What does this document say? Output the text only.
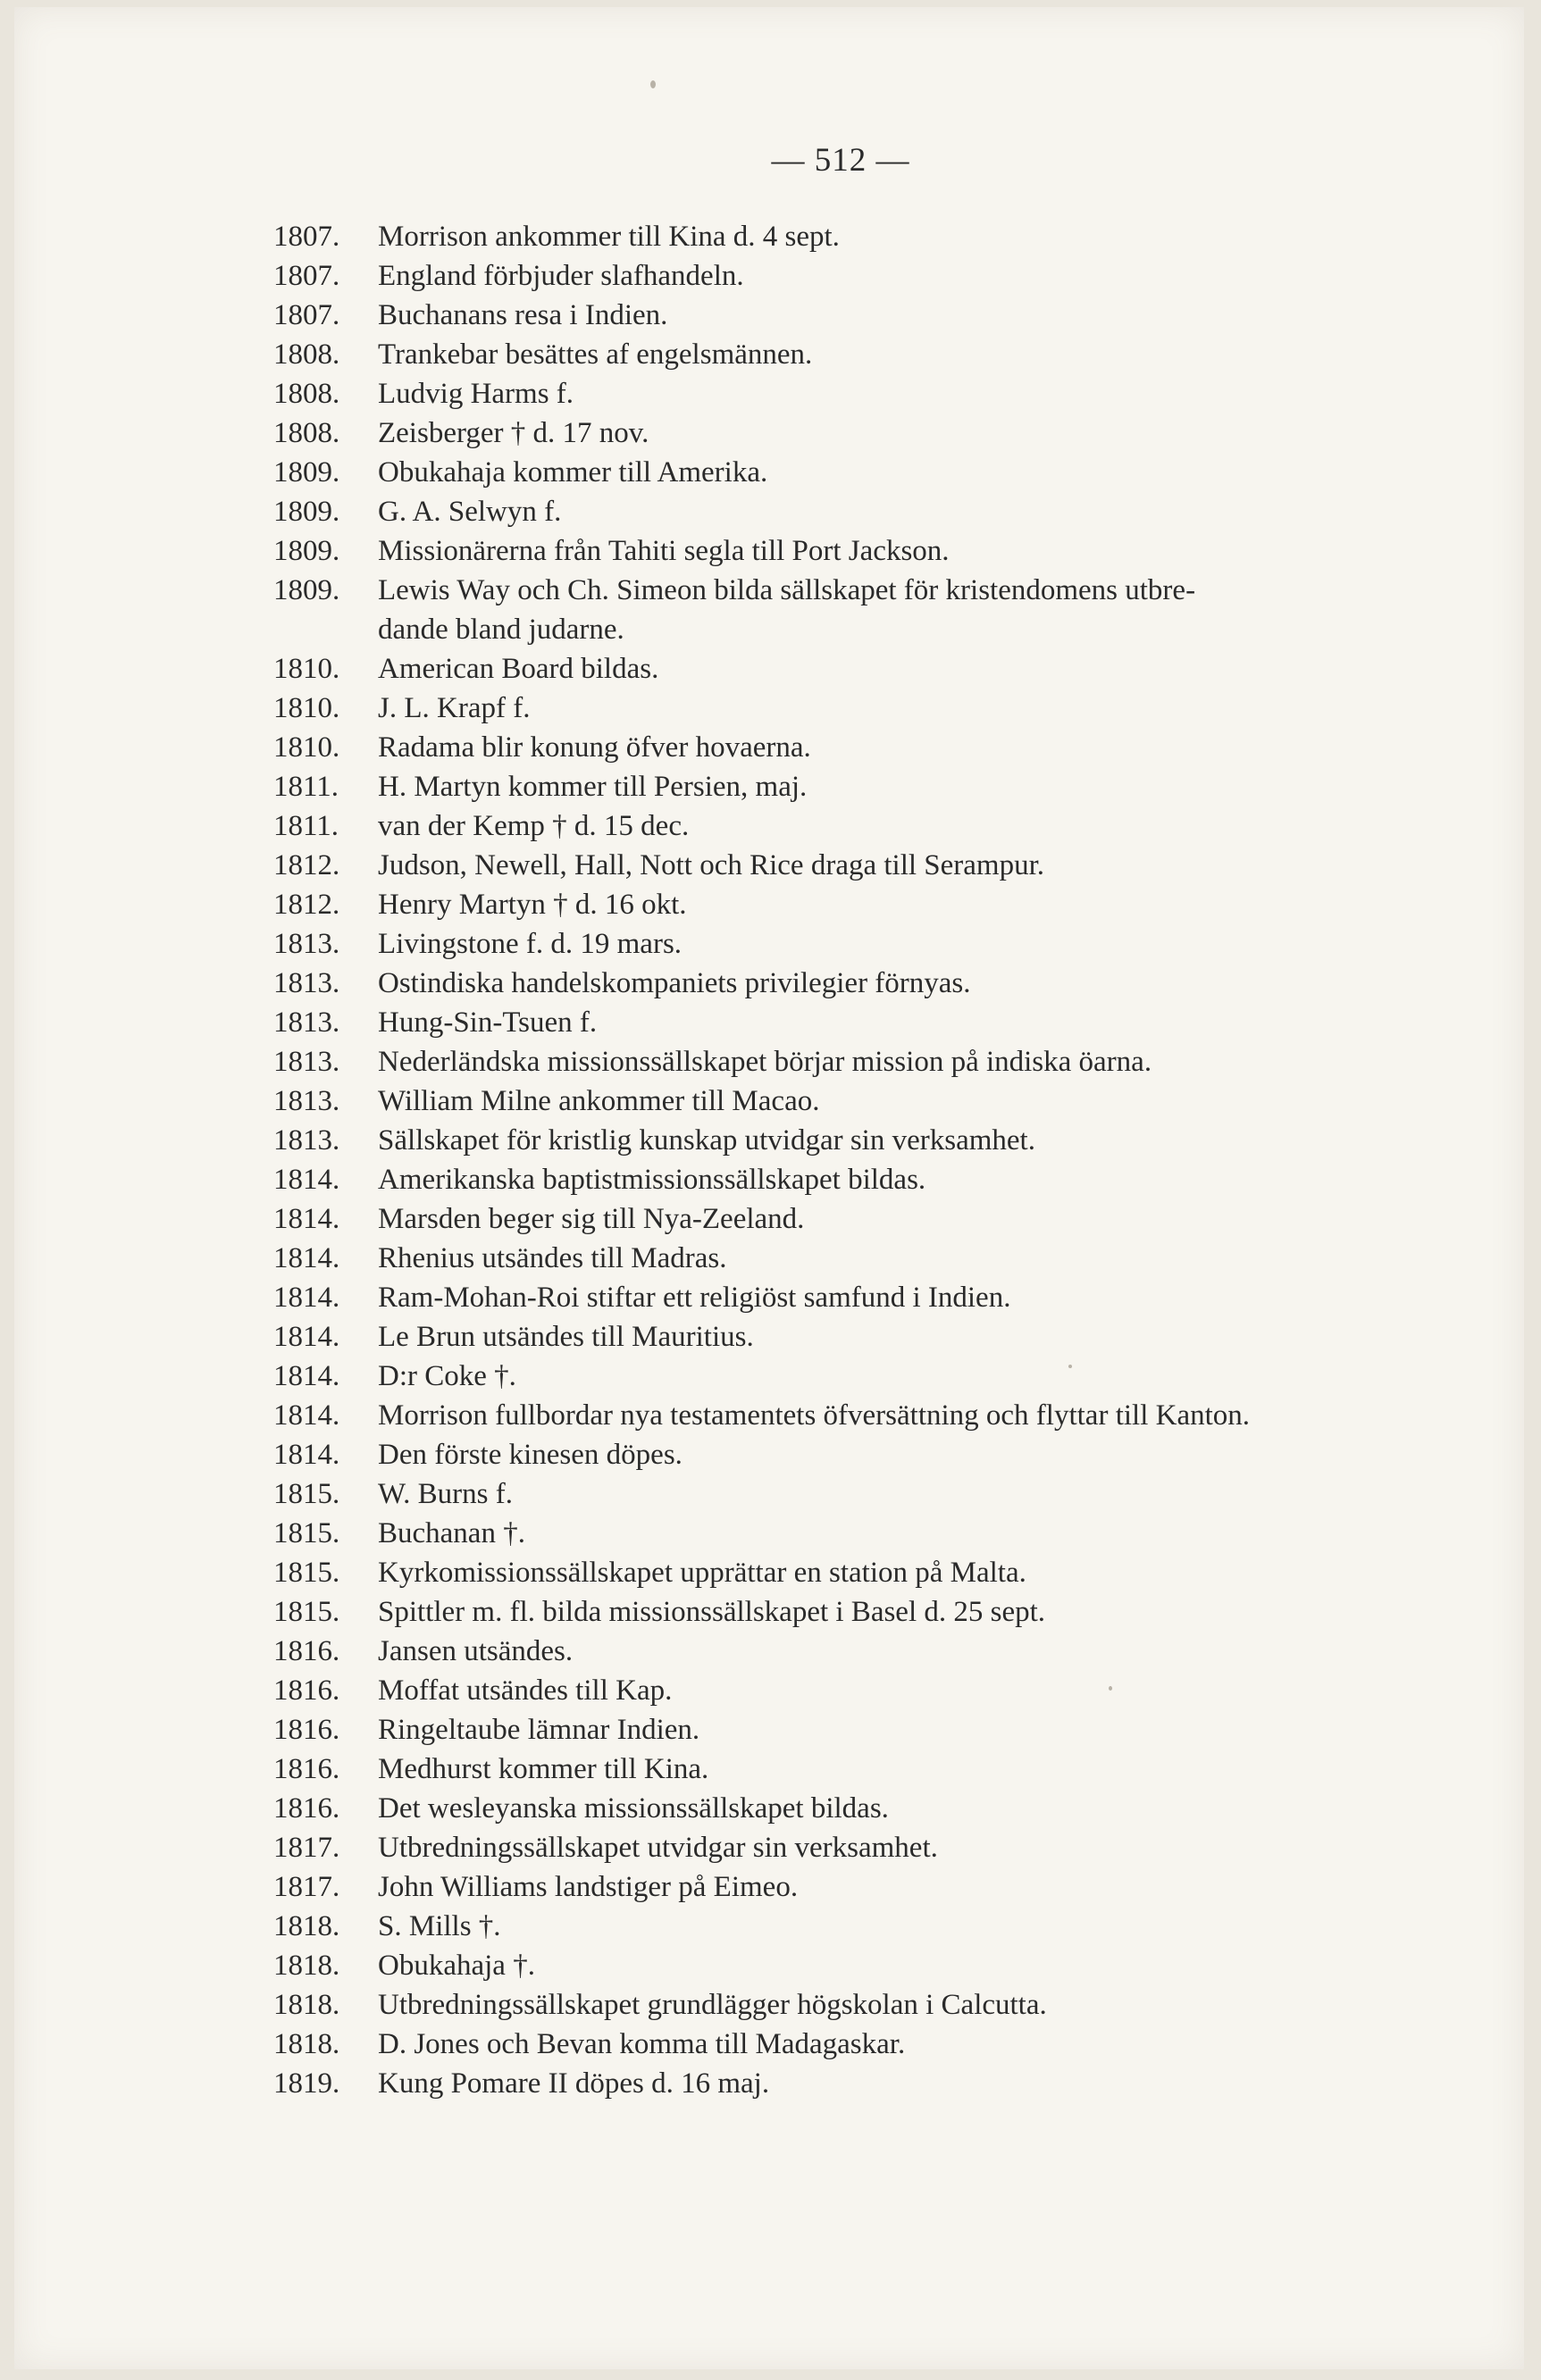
— 512 —
1807.	Morrison ankommer till Kina d. 4 sept.
1807.	England förbjuder slafhandeln.
1807.	Buchanans resa i Indien.
1808.	Trankebar besättes af engelsmännen.
1808.	Ludvig Harms f.
1808.	Zeisberger † d. 17 nov.
1809.	Obukahaja kommer till Amerika.
1809.	G. A. Selwyn f.
1809.	Missionärerna från Tahiti segla till Port Jackson.
1809.	Lewis Way och Ch. Simeon bilda sällskapet för kristendomens utbre-
dande bland judarne.
1810.	American Board bildas.
1810.	J. L. Krapf f.
1810.	Radama blir konung öfver hovaerna.
1811.	H. Martyn kommer till Persien, maj.
1811.	van der Kemp † d. 15 dec.
1812.	Judson, Newell, Hall, Nott och Rice draga till Serampur.
1812.	Henry Martyn † d. 16 okt.
1813.	Livingstone f. d. 19 mars.
1813.	Ostindiska handelskompaniets privilegier förnyas.
1813.	Hung-Sin-Tsuen f.
1813.	Nederländska missionssällskapet börjar mission på indiska öarna.
1813.	William Milne ankommer till Macao.
1813.	Sällskapet för kristlig kunskap utvidgar sin verksamhet.
1814.	Amerikanska baptistmissionssällskapet bildas.
1814.	Marsden beger sig till Nya-Zeeland.
1814.	Rhenius utsändes till Madras.
1814.	Ram-Mohan-Roi stiftar ett religiöst samfund i Indien.
1814.	Le Brun utsändes till Mauritius.
1814.	D:r Coke †.
1814.	Morrison fullbordar nya testamentets öfversättning och flyttar till Kanton.
1814.	Den förste kinesen döpes.
1815.	W. Burns f.
1815.	Buchanan †.
1815.	Kyrkomissionssällskapet upprättar en station på Malta.
1815.	Spittler m. fl. bilda missionssällskapet i Basel d. 25 sept.
1816.	Jansen utsändes.
1816.	Moffat utsändes till Kap.
1816.	Ringeltaube lämnar Indien.
1816.	Medhurst kommer till Kina.
1816.	Det wesleyanska missionssällskapet bildas.
1817.	Utbredningssällskapet utvidgar sin verksamhet.
1817.	John Williams landstiger på Eimeo.
1818.	S. Mills †.
1818.	Obukahaja †.
1818.	Utbredningssällskapet grundlägger högskolan i Calcutta.
1818.	D. Jones och Bevan komma till Madagaskar.
1819.	Kung Pomare II döpes d. 16 maj.
